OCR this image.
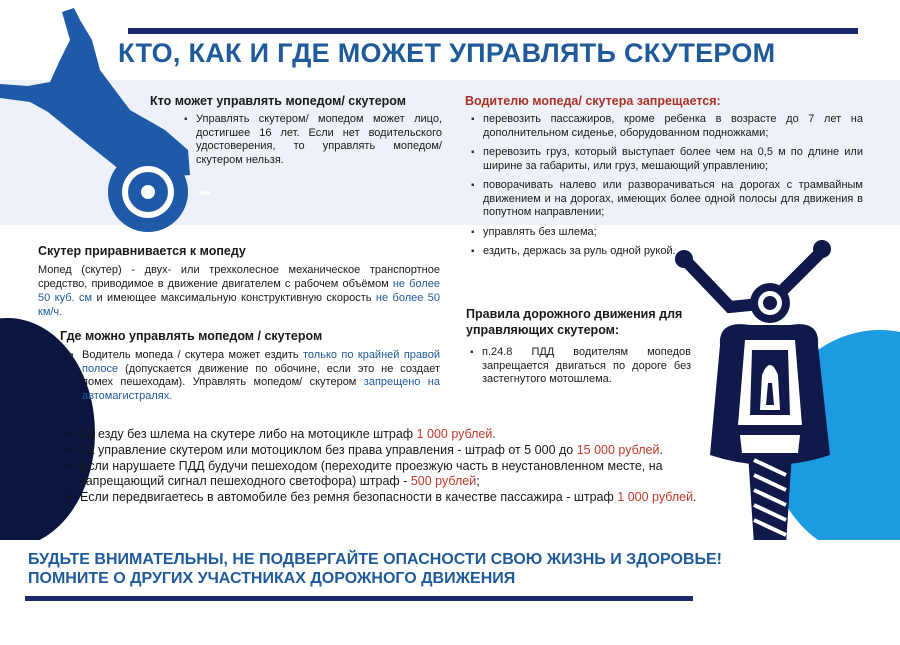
КТО, КАК И ГДЕ МОЖЕТ УПРАВЛЯТЬ СКУТЕРОМ
Кто может управлять мопедом/ скутером
▪ Управлять скутером/ мопедом может лицо, достигшее 16 лет. Если нет водительского удостоверения, то управлять мопедом/ скутером нельзя.
Скутер приравнивается к мопеду
Мопед (скутер) - двух- или трехколесное механическое транспортное средство, приводимое в движение двигателем с рабочем объёмом не более 50 куб. см и имеющее максимальную конструктивную скорость не более 50 км/ч.
Где можно управлять мопедом / скутером
▪ Водитель мопеда / скутера может ездить только по крайней правой полосе (допускается движение по обочине, если это не создает помех пешеходам). Управлять мопедом/ скутером запрещено на автомагистралях.
Водителю мопеда/ скутера запрещается:
▪ перевозить пассажиров, кроме ребенка в возрасте до 7 лет на дополнительном сиденье, оборудованном подножками;
▪ перевозить груз, который выступает более чем на 0,5 м по длине или ширине за габариты, или груз, мешающий управлению;
▪ поворачивать налево или разворачиваться на дорогах с трамвайным движением и на дорогах, имеющих более одной полосы для движения в попутном направлении;
▪ управлять без шлема;
▪ ездить, держась за руль одной рукой.
Правила дорожного движения для управляющих скутером:
▪ п.24.8 ПДД водителям мопедов запрещается двигаться по дороге без застегнутого мотошлема.
▪ За езду без шлема на скутере либо на мотоцикле штраф 1 000 рублей.
▪ За управление скутером или мотоциклом без права управления - штраф от 5 000 до 15 000 рублей.
▪ Если нарушаете ПДД будучи пешеходом (переходите проезжую часть в неустановленном месте, на запрещающий сигнал пешеходного светофора) штраф - 500 рублей;
▪ Если передвигаетесь в автомобиле без ремня безопасности в качестве пассажира - штраф 1 000 рублей.
БУДЬТЕ ВНИМАТЕЛЬНЫ, НЕ ПОДВЕРГАЙТЕ ОПАСНОСТИ СВОЮ ЖИЗНЬ И ЗДОРОВЬЕ!
ПОМНИТЕ О ДРУГИХ УЧАСТНИКАХ ДОРОЖНОГО ДВИЖЕНИЯ
